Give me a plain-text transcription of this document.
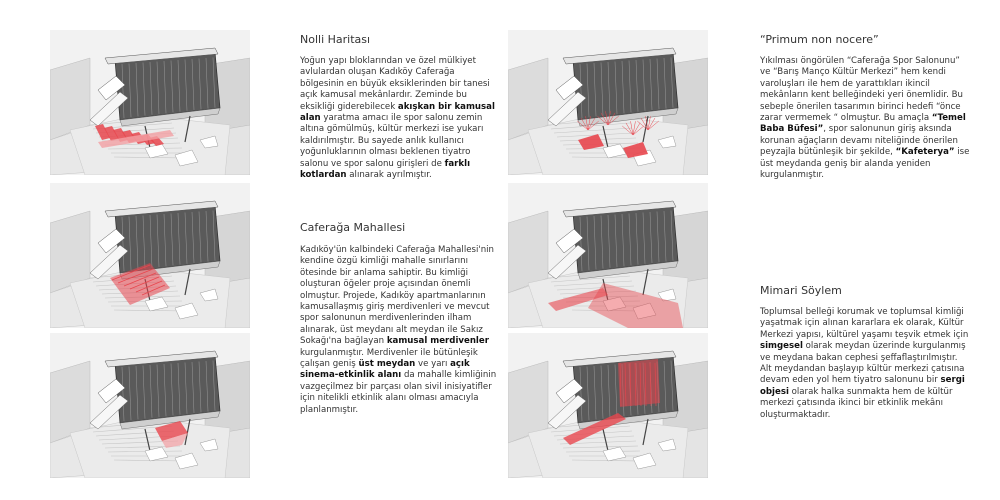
Nolli Haritası

Yoğun yapı bloklarından ve özel mülkiyet avlulardan oluşan Kadıköy Caferağa bölgesinin en büyük eksiklerinden bir tanesi açık kamusal mekânlardır. Zeminde bu eksikliği giderebilecek akışkan bir kamusal alan yaratma amacı ile spor salonu zemin altına gömülmüş, kültür merkezi ise yukarı kaldırılmıştır. Bu sayede anlık kullanıcı yoğunluklarının olması beklenen tiyatro salonu ve spor salonu girişleri de farklı kotlardan alınarak ayrılmıştır.

Caferağa Mahallesi

Kadıköy'ün kalbindeki Caferağa Mahallesi'nin kendine özgü kimliği mahalle sınırlarını ötesinde bir anlama sahiptir. Bu kimliği oluşturan öğeler proje açısından önemli olmuştur. Projede, Kadıköy apartmanlarının kamusallaşmış giriş merdivenleri ve mevcut spor salonunun merdivenlerinden ilham alınarak, üst meydanı alt meydan ile Sakız Sokağı'na bağlayan kamusal merdivenler kurgulanmıştır. Merdivenler ile bütünleşik çalışan geniş üst meydan ve yarı açık sinema-etkinlik alanı da mahalle kimliğinin vazgeçilmez bir parçası olan sivil inisiyatifler için nitelikli etkinlik alanı olması amacıyla planlanmıştır.

“Primum non nocere”

Yıkılması öngörülen “Caferağa Spor Salonunu” ve “Barış Manço Kültür Merkezi” hem kendi varoluşları ile hem de yarattıkları ikincil mekânların kent belleğindeki yeri önemlidir. Bu sebeple önerilen tasarımın birinci hedefi “önce zarar vermemek “ olmuştur. Bu amaçla “Temel Baba Büfesi”, spor salonunun giriş aksında korunan ağaçların devamı niteliğinde önerilen peyzajla bütünleşik bir şekilde, “Kafeterya” ise üst meydanda geniş bir alanda yeniden kurgulanmıştır.

Mimari Söylem

Toplumsal belleği korumak ve toplumsal kimliği yaşatmak için alınan kararlara ek olarak, Kültür Merkezi yapısı, kültürel yaşamı teşvik etmek için simgesel olarak meydan üzerinde kurgulanmış ve meydana bakan cephesi şeffaflaştırılmıştır. Alt meydandan başlayıp kültür merkezi çatısına devam eden yol hem tiyatro salonunu bir sergi objesi olarak halka sunmakta hem de kültür merkezi çatısında ikinci bir etkinlik mekânı oluşturmaktadır.
